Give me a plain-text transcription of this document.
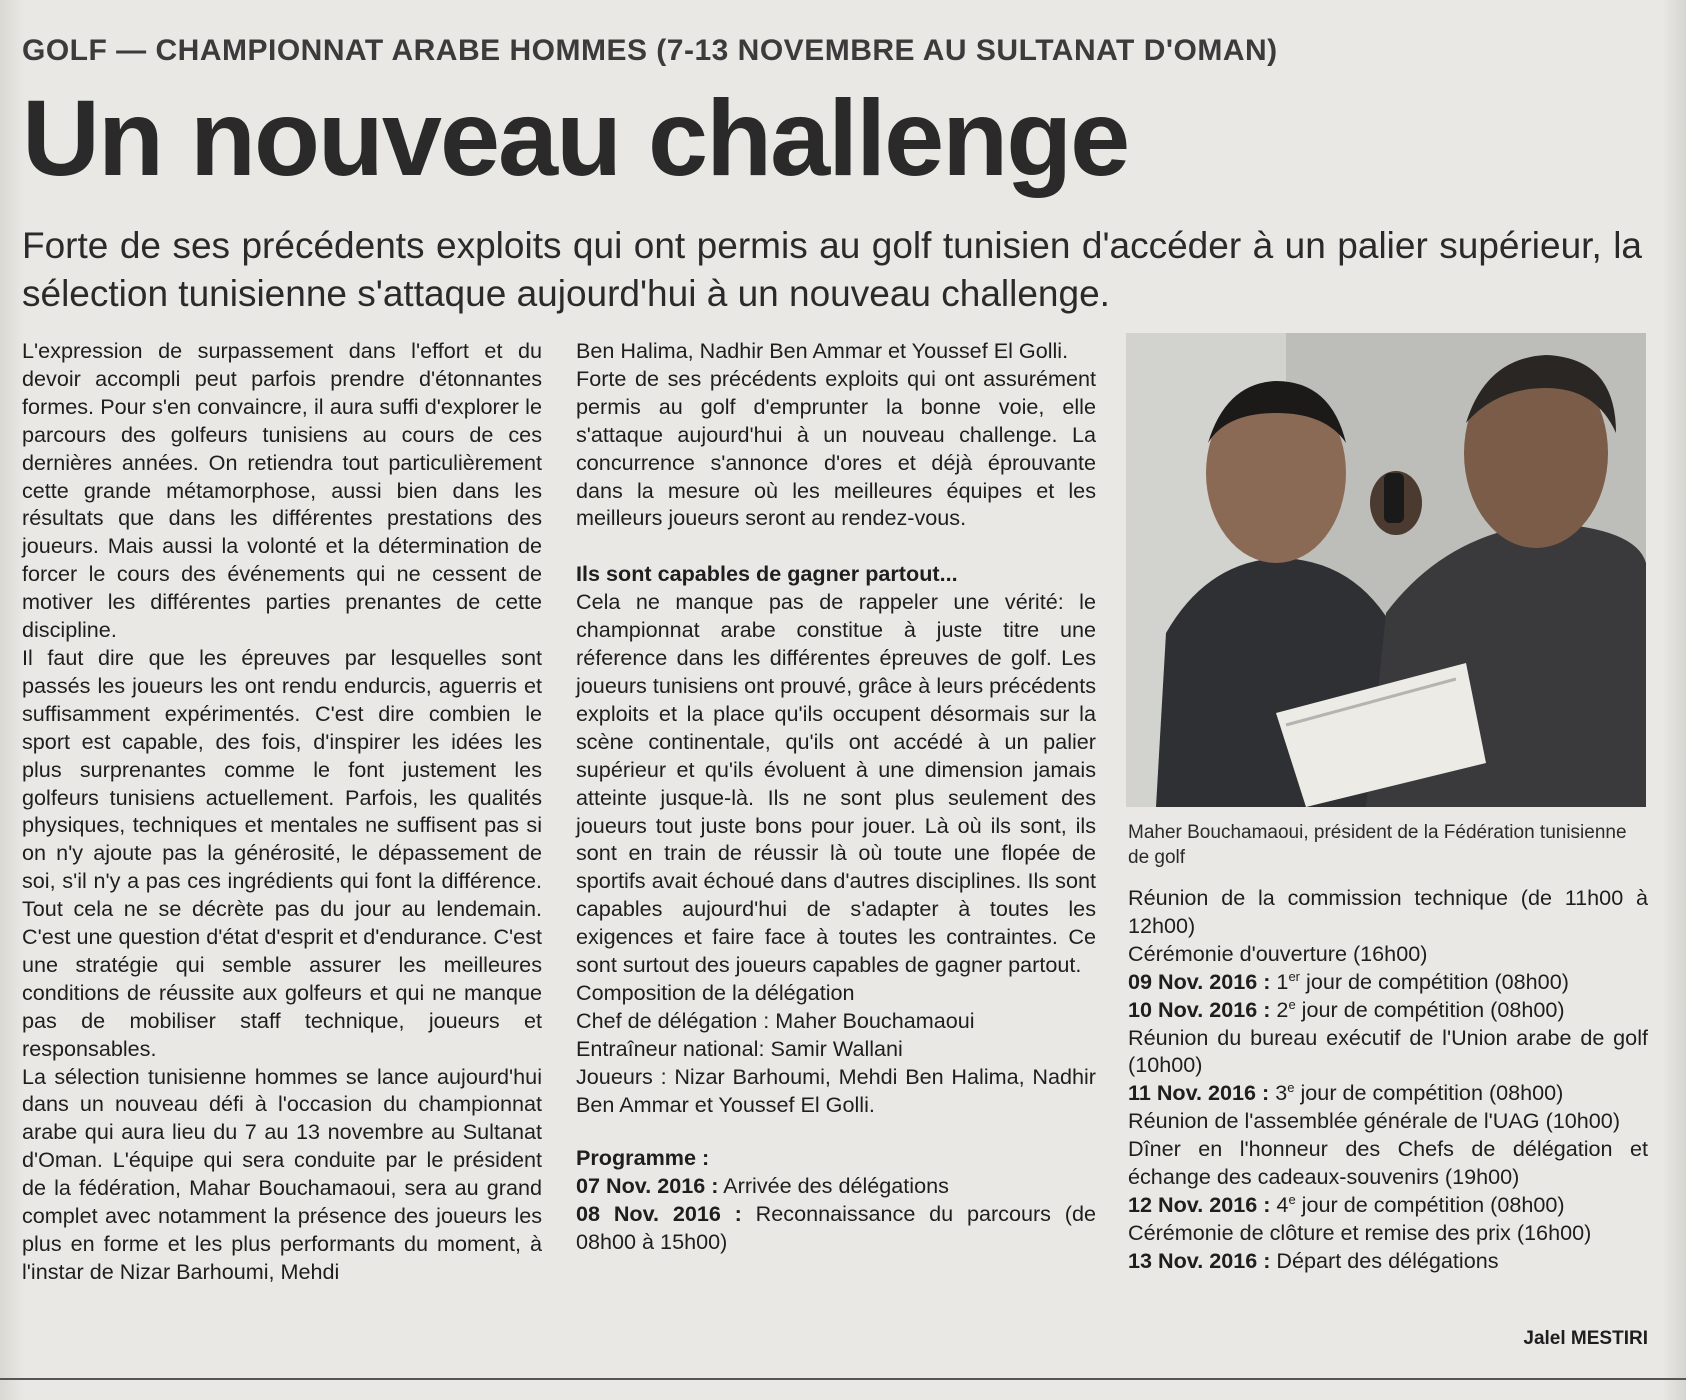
GOLF — CHAMPIONNAT ARABE HOMMES (7-13 NOVEMBRE AU SULTANAT D'OMAN)
Un nouveau challenge
Forte de ses précédents exploits qui ont permis au golf tunisien d'accéder à un palier supérieur, la sélection tunisienne s'attaque aujourd'hui à un nouveau challenge.

L'expression de surpassement dans l'effort et du devoir accompli peut parfois prendre d'étonnantes formes. Pour s'en convaincre, il aura suffi d'explorer le parcours des golfeurs tunisiens au cours de ces dernières années. On retiendra tout particulièrement cette grande métamorphose, aussi bien dans les résultats que dans les différentes prestations des joueurs. Mais aussi la volonté et la détermination de forcer le cours des événements qui ne cessent de motiver les différentes parties prenantes de cette discipline.

Il faut dire que les épreuves par lesquelles sont passés les joueurs les ont rendu endurcis, aguerris et suffisamment expérimentés. C'est dire combien le sport est capable, des fois, d'inspirer les idées les plus surprenantes comme le font justement les golfeurs tunisiens actuellement. Parfois, les qualités physiques, techniques et mentales ne suffisent pas si on n'y ajoute pas la générosité, le dépassement de soi, s'il n'y a pas ces ingrédients qui font la différence. Tout cela ne se décrète pas du jour au lendemain. C'est une question d'état d'esprit et d'endurance. C'est une stratégie qui semble assurer les meilleures conditions de réussite aux golfeurs et qui ne manque pas de mobiliser staff technique, joueurs et responsables.

La sélection tunisienne hommes se lance aujourd'hui dans un nouveau défi à l'occasion du championnat arabe qui aura lieu du 7 au 13 novembre au Sultanat d'Oman. L'équipe qui sera conduite par le président de la fédération, Mahar Bouchamaoui, sera au grand complet avec notamment la présence des joueurs les plus en forme et les plus performants du moment, à l'instar de Nizar Barhoumi, Mehdi

Ben Halima, Nadhir Ben Ammar et Youssef El Golli.

Forte de ses précédents exploits qui ont assurément permis au golf d'emprunter la bonne voie, elle s'attaque aujourd'hui à un nouveau challenge. La concurrence s'annonce d'ores et déjà éprouvante dans la mesure où les meilleures équipes et les meilleurs joueurs seront au rendez-vous.

Ils sont capables de gagner partout...

Cela ne manque pas de rappeler une vérité: le championnat arabe constitue à juste titre une réference dans les différentes épreuves de golf. Les joueurs tunisiens ont prouvé, grâce à leurs précédents exploits et la place qu'ils occupent désormais sur la scène continentale, qu'ils ont accédé à un palier supérieur et qu'ils évoluent à une dimension jamais atteinte jusque-là. Ils ne sont plus seulement des joueurs tout juste bons pour jouer. Là où ils sont, ils sont en train de réussir là où toute une flopée de sportifs avait échoué dans d'autres disciplines. Ils sont capables aujourd'hui de s'adapter à toutes les exigences et faire face à toutes les contraintes. Ce sont surtout des joueurs capables de gagner partout.

Composition de la délégation

Chef de délégation : Maher Bouchamaoui

Entraîneur national: Samir Wallani

Joueurs : Nizar Barhoumi, Mehdi Ben Halima, Nadhir Ben Ammar et Youssef El Golli.

Programme :

07 Nov. 2016 : Arrivée des délégations

08 Nov. 2016 : Reconnaissance du parcours (de 08h00 à 15h00)

Maher Bouchamaoui, président de la Fédération tunisienne de golf

Réunion de la commission technique (de 11h00 à 12h00)

Cérémonie d'ouverture (16h00)

09 Nov. 2016 : 1er jour de compétition (08h00)

10 Nov. 2016 : 2e jour de compétition (08h00)

Réunion du bureau exécutif de l'Union arabe de golf (10h00)

11 Nov. 2016 : 3e jour de compétition (08h00)

Réunion de l'assemblée générale de l'UAG (10h00)

Dîner en l'honneur des Chefs de délégation et échange des cadeaux-souvenirs (19h00)

12 Nov. 2016 : 4e jour de compétition (08h00)

Cérémonie de clôture et remise des prix (16h00)

13 Nov. 2016 : Départ des délégations

Jalel MESTIRI
